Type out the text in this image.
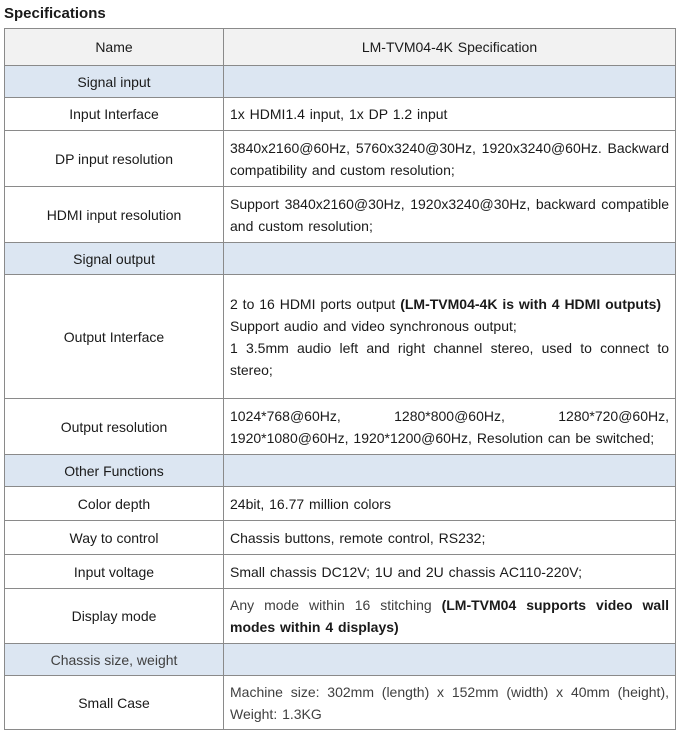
Specifications
Name	LM-TVM04-4K Specification
Signal input	
Input Interface	1x HDMI1.4 input, 1x DP 1.2 input
DP input resolution	3840x2160@60Hz, 5760x3240@30Hz, 1920x3240@60Hz. Backward compatibility and custom resolution;
HDMI input resolution	Support 3840x2160@30Hz, 1920x3240@30Hz, backward compatible and custom resolution;
Signal output	
Output Interface	2 to 16 HDMI ports output (LM-TVM04-4K is with 4 HDMI outputs)
Support audio and video synchronous output;
1 3.5mm audio left and right channel stereo, used to connect to stereo;
Output resolution	1024*768@60Hz, 1280*800@60Hz, 1280*720@60Hz, 1920*1080@60Hz, 1920*1200@60Hz, Resolution can be switched;
Other Functions	
Color depth	24bit, 16.77 million colors
Way to control	Chassis buttons, remote control, RS232;
Input voltage	Small chassis DC12V; 1U and 2U chassis AC110-220V;
Display mode	Any mode within 16 stitching (LM-TVM04 supports video wall modes within 4 displays)
Chassis size, weight	
Small Case	Machine size: 302mm (length) x 152mm (width) x 40mm (height), Weight: 1.3KG
